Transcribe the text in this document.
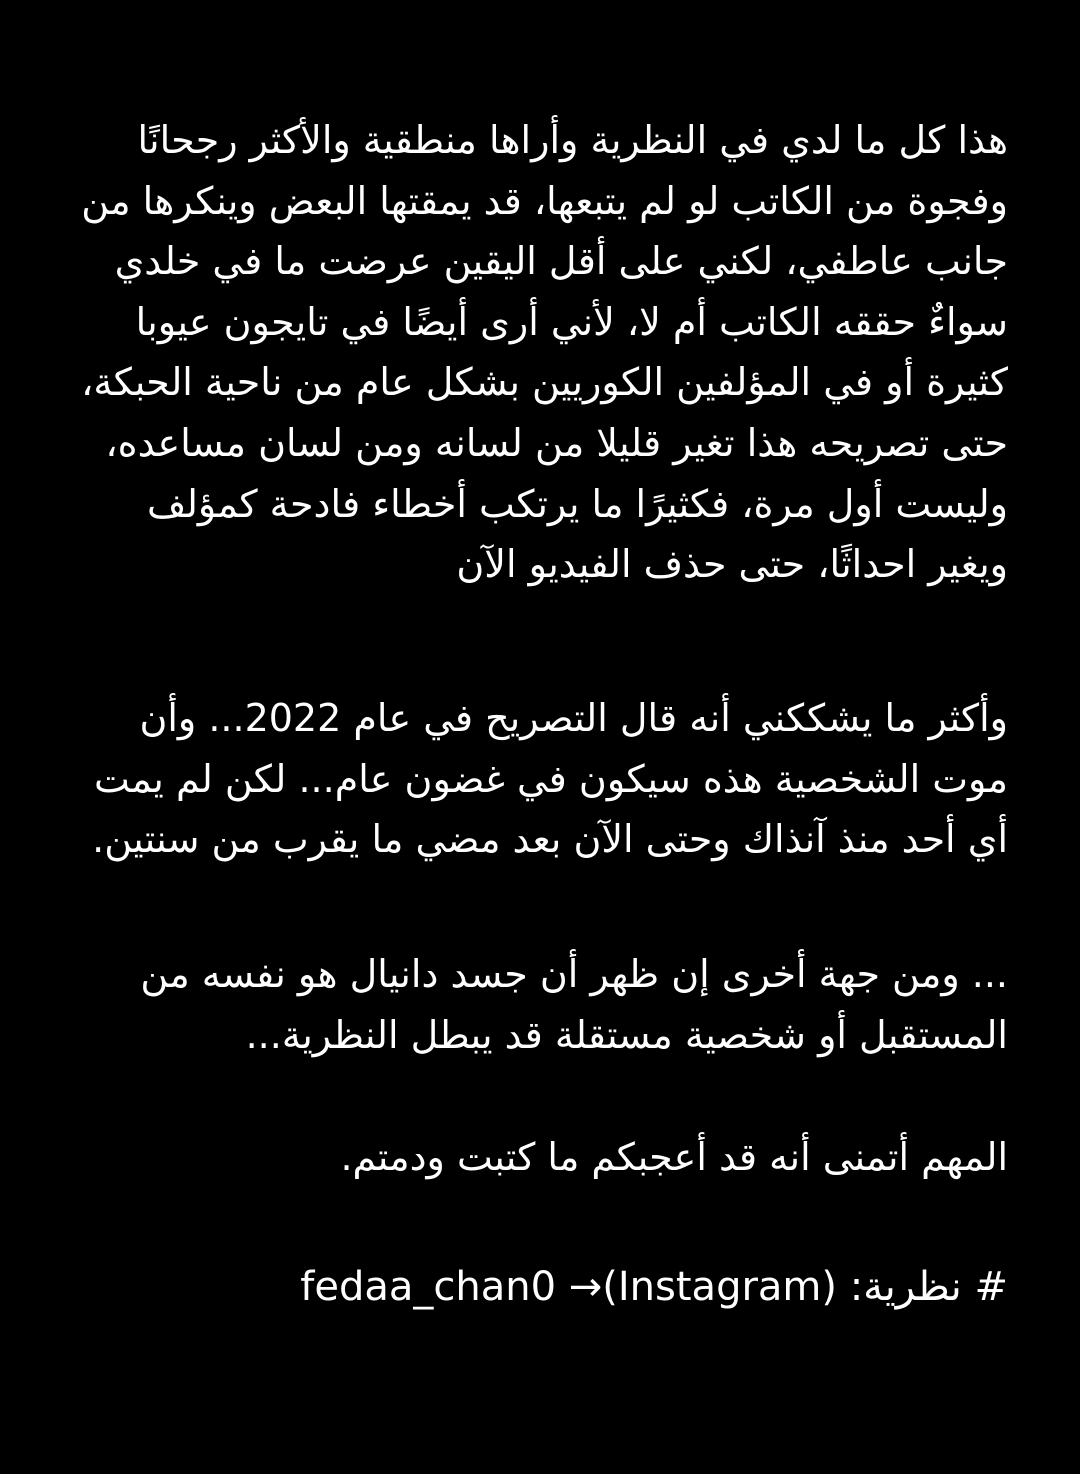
هذا كل ما لدي في النظرية وأراها منطقية والأكثر رجحانًا
وفجوة من الكاتب لو لم يتبعها، قد يمقتها البعض وينكرها من
جانب عاطفي، لكني على أقل اليقين عرضت ما في خلدي
سواءٌ حققه الكاتب أم لا، لأني أرى أيضًا في تايجون عيوبا
كثيرة أو في المؤلفين الكوريين بشكل عام من ناحية الحبكة،
حتى تصريحه هذا تغير قليلا من لسانه ومن لسان مساعده،
وليست أول مرة، فكثيرًا ما يرتكب أخطاء فادحة كمؤلف
ويغير احداثًا، حتى حذف الفيديو الآن
وأكثر ما يشككني أنه قال التصريح في عام 2022... وأن
موت الشخصية هذه سيكون في غضون عام... لكن لم يمت
أي أحد منذ آنذاك وحتى الآن بعد مضي ما يقرب من سنتين.
... ومن جهة أخرى إن ظهر أن جسد دانيال هو نفسه من
المستقبل أو شخصية مستقلة قد يبطل النظرية...
المهم أتمنى أنه قد أعجبكم ما كتبت ودمتم.
# نظرية: fedaa_chan0 →(Instagram)
